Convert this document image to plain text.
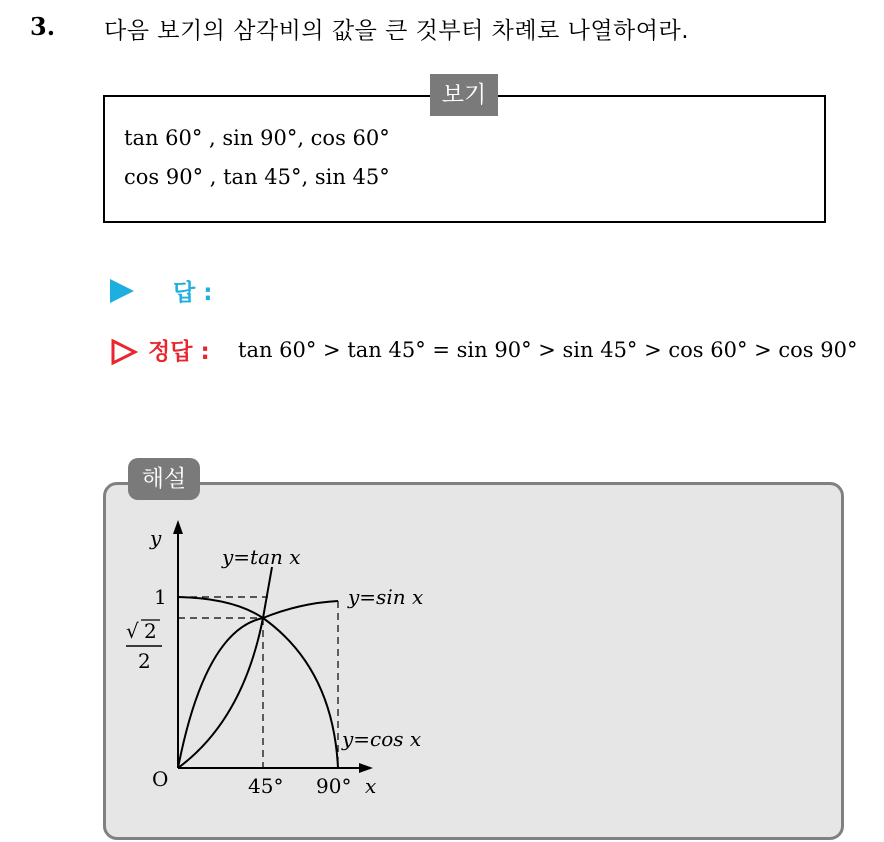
3. 다음 보기의 삼각비의 값을 큰 것부터 차례로 나열하여라.
보기
tan 60° , sin 90°, cos 60°
cos 90° , tan 45°, sin 45°
답 :
정답 : tan 60° > tan 45° = sin 90° > sin 45° > cos 60° > cos 90°
해설
y
x
O
1
√ 2
2
45° 90°
y=tan x
y=sin x
y=cos x
